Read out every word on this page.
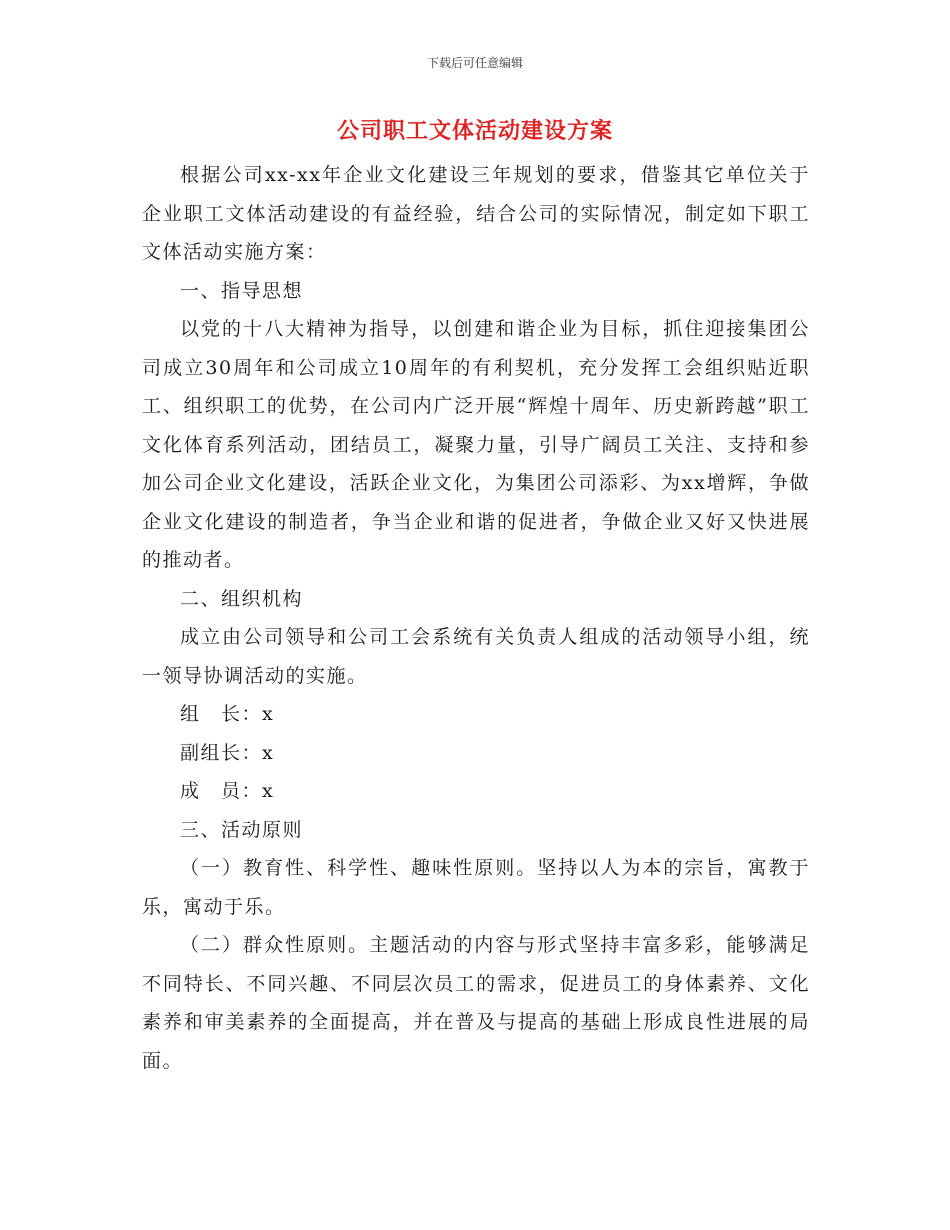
下载后可任意编辑
公司职工文体活动建设方案

根据公司xx-xx年企业文化建设三年规划的要求，借鉴其它单位关于企业职工文体活动建设的有益经验，结合公司的实际情况，制定如下职工文体活动实施方案：

一、指导思想

以党的十八大精神为指导，以创建和谐企业为目标，抓住迎接集团公司成立30周年和公司成立10周年的有利契机，充分发挥工会组织贴近职工、组织职工的优势，在公司内广泛开展“辉煌十周年、历史新跨越”职工文化体育系列活动，团结员工，凝聚力量，引导广阔员工关注、支持和参加公司企业文化建设，活跃企业文化，为集团公司添彩、为xx增辉，争做企业文化建设的制造者，争当企业和谐的促进者，争做企业又好又快进展的推动者。

二、组织机构

成立由公司领导和公司工会系统有关负责人组成的活动领导小组，统一领导协调活动的实施。

组　长：x

副组长：x

成　员：x

三、活动原则

（一）教育性、科学性、趣味性原则。坚持以人为本的宗旨，寓教于乐，寓动于乐。

（二）群众性原则。主题活动的内容与形式坚持丰富多彩，能够满足不同特长、不同兴趣、不同层次员工的需求，促进员工的身体素养、文化素养和审美素养的全面提高，并在普及与提高的基础上形成良性进展的局面。
